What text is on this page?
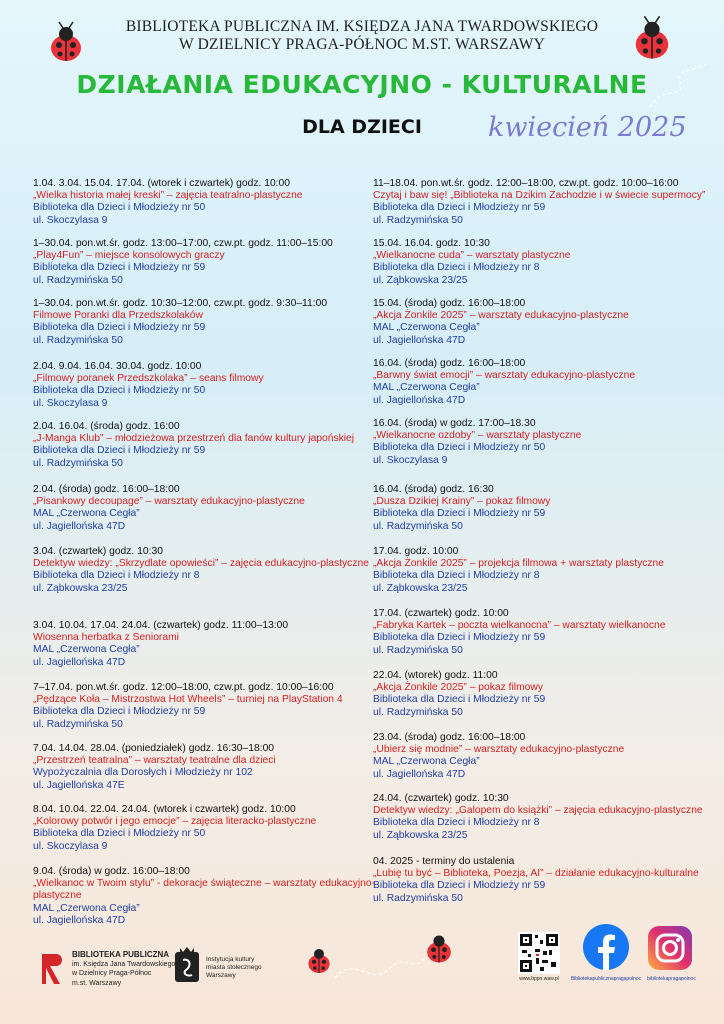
BIBLIOTEKA PUBLICZNA IM. KSIĘDZA JANA TWARDOWSKIEGO
W DZIELNICY PRAGA-PÓŁNOC M.ST. WARSZAWY
DZIAŁANIA EDUKACYJNO - KULTURALNE
DLA DZIECI	kwiecień 2025
1.04. 3.04. 15.04. 17.04. (wtorek i czwartek) godz. 10:00
„Wielka historia małej kreski” – zajęcia teatralno-plastyczne
Biblioteka dla Dzieci i Młodzieży nr 50
ul. Skoczylasa 9
1–30.04. pon.wt.śr. godz. 13:00–17:00, czw.pt. godz. 11:00–15:00
„Play4Fun” – miejsce konsolowych graczy
Biblioteka dla Dzieci i Młodzieży nr 59
ul. Radzymińska 50
1–30.04. pon.wt.śr. godz. 10:30–12:00, czw.pt. godz. 9:30–11:00
Filmowe Poranki dla Przedszkolaków
Biblioteka dla Dzieci i Młodzieży nr 59
ul. Radzymińska 50
2.04. 9.04. 16.04. 30.04. godz. 10:00
„Filmowy poranek Przedszkolaka” – seans filmowy
Biblioteka dla Dzieci i Młodzieży nr 50
ul. Skoczylasa 9
2.04. 16.04. (środa) godz. 16:00
„J-Manga Klub” – młodzieżowa przestrzeń dla fanów kultury japońskiej
Biblioteka dla Dzieci i Młodzieży nr 59
ul. Radzymińska 50
2.04. (środa) godz. 16:00–18:00
„Pisankowy decoupage” – warsztaty edukacyjno-plastyczne
MAL „Czerwona Cegła”
ul. Jagiellońska 47D
3.04. (czwartek) godz. 10:30
Detektyw wiedzy: „Skrzydlate opowieści” – zajęcia edukacyjno-plastyczne
Biblioteka dla Dzieci i Młodzieży nr 8
ul. Ząbkowska 23/25
3.04. 10.04. 17.04. 24.04. (czwartek) godz. 11:00–13:00
Wiosenna herbatka z Seniorami
MAL „Czerwona Cegła”
ul. Jagiellońska 47D
7–17.04. pon.wt.śr. godz. 12:00–18:00, czw.pt. godz. 10:00–16:00
„Pędzące Koła – Mistrzostwa Hot Wheels” – turniej na PlayStation 4
Biblioteka dla Dzieci i Młodzieży nr 59
ul. Radzymińska 50
7.04. 14.04. 28.04. (poniedziałek) godz. 16:30–18:00
„Przestrzeń teatralna” – warsztaty teatralne dla dzieci
Wypożyczalnia dla Dorosłych i Młodzieży nr 102
ul. Jagiellońska 47E
8.04. 10.04. 22.04. 24.04. (wtorek i czwartek) godz. 10:00
„Kolorowy potwór i jego emocje” – zajęcia literacko-plastyczne
Biblioteka dla Dzieci i Młodzieży nr 50
ul. Skoczylasa 9
9.04. (środa) w godz. 16:00–18:00
„Wielkanoc w Twoim stylu” - dekoracje świąteczne – warsztaty edukacyjno-plastyczne
MAL „Czerwona Cegła”
ul. Jagiellońska 47D
11–18.04. pon.wt.śr. godz. 12:00–18:00, czw.pt. godz. 10:00–16:00
Czytaj i baw się! „Biblioteka na Dzikim Zachodzie i w świecie supermocy”
Biblioteka dla Dzieci i Młodzieży nr 59
ul. Radzymińska 50
15.04. 16.04. godz. 10:30
„Wielkanocne cuda” – warsztaty plastyczne
Biblioteka dla Dzieci i Młodzieży nr 8
ul. Ząbkowska 23/25
15.04. (środa) godz. 16:00–18:00
„Akcja Żonkile 2025” – warsztaty edukacyjno-plastyczne
MAL „Czerwona Cegła”
ul. Jagiellońska 47D
16.04. (środa) godz. 16:00–18:00
„Barwny świat emocji” – warsztaty edukacyjno-plastyczne
MAL „Czerwona Cegła”
ul. Jagiellońska 47D
16.04. (środa) w godz. 17:00–18.30
„Wielkanocne ozdoby” – warsztaty plastyczne
Biblioteka dla Dzieci i Młodzieży nr 50
ul. Skoczylasa 9
16.04. (środa) godz. 16:30
„Dusza Dzikiej Krainy” – pokaz filmowy
Biblioteka dla Dzieci i Młodzieży nr 59
ul. Radzymińska 50
17.04. godz. 10:00
„Akcja Żonkile 2025” – projekcja filmowa + warsztaty plastyczne
Biblioteka dla Dzieci i Młodzieży nr 8
ul. Ząbkowska 23/25
17.04. (czwartek) godz. 10:00
„Fabryka Kartek – poczta wielkanocna” – warsztaty wielkanocne
Biblioteka dla Dzieci i Młodzieży nr 59
ul. Radzymińska 50
22.04. (wtorek) godz. 11:00
„Akcja Żonkile 2025” – pokaz filmowy
Biblioteka dla Dzieci i Młodzieży nr 59
ul. Radzymińska 50
23.04. (środa) godz. 16:00–18:00
„Ubierz się modnie” – warsztaty edukacyjno-plastyczne
MAL „Czerwona Cegła”
ul. Jagiellońska 47D
24.04. (czwartek) godz. 10:30
Detektyw wiedzy: „Galopem do książki” – zajęcia edukacyjno-plastyczne
Biblioteka dla Dzieci i Młodzieży nr 8
ul. Ząbkowska 23/25
04. 2025 - terminy do ustalenia
„Lubię tu być – Biblioteka, Poezja, AI” – działanie edukacyjno-kulturalne
Biblioteka dla Dzieci i Młodzieży nr 59
ul. Radzymińska 50
BIBLIOTEKA PUBLICZNA
im. Księdza Jana Twardowskiego
w Dzielnicy Praga-Północ
m.st. Warszawy
Instytucja kultury
miasta stołecznego
Warszawy	www.bppn.waw.pl	Bibliotekapublicznapragapolnoc	bibliotekapragapolnoc
